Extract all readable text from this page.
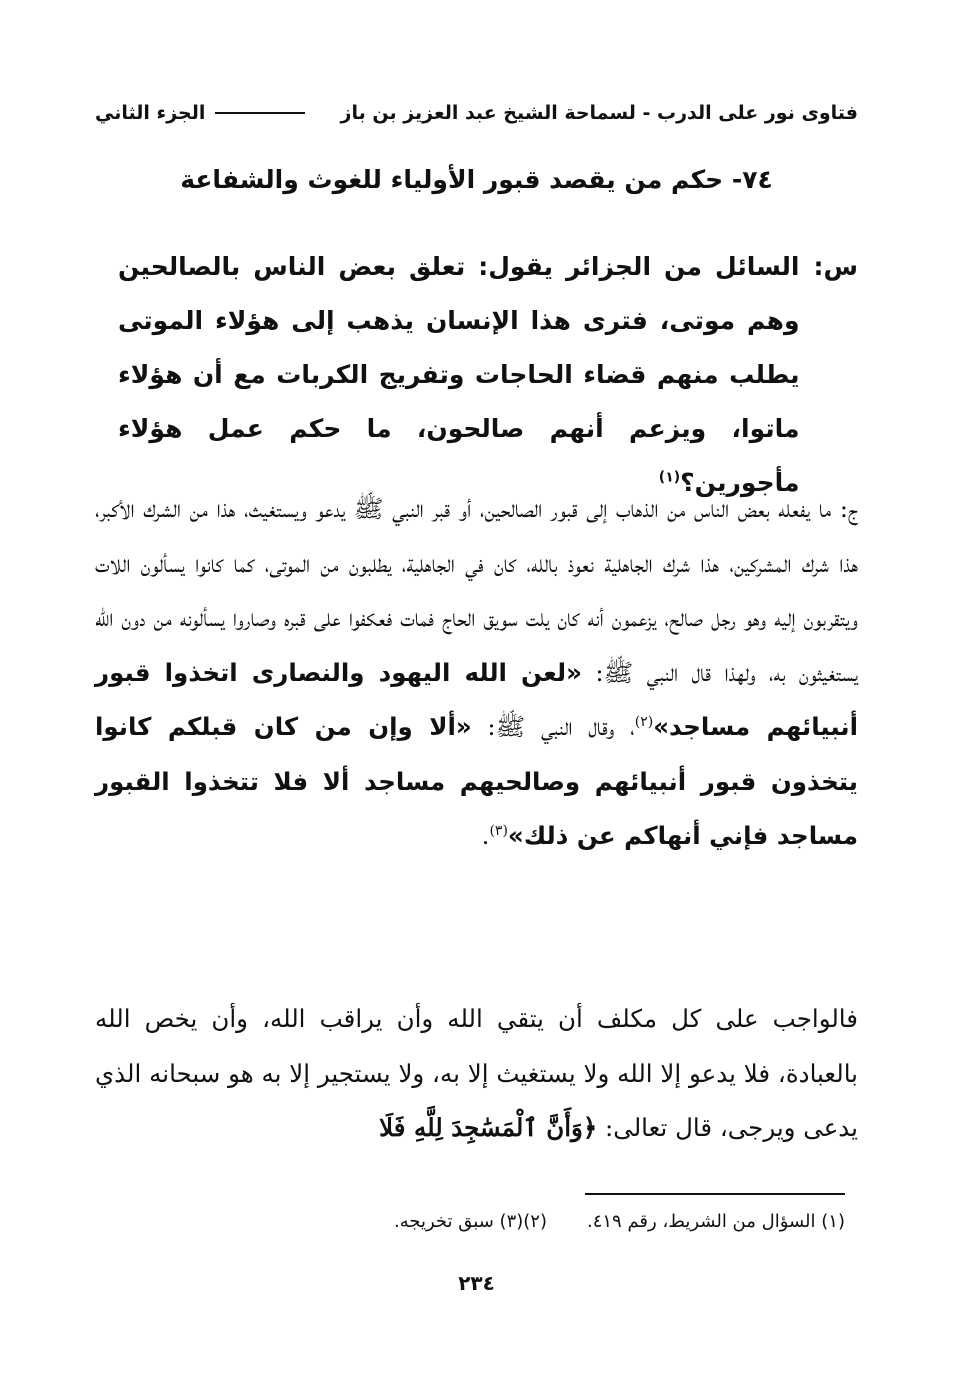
فتاوى نور على الدرب - لسماحة الشيخ عبد العزيز بن باز
الجزء الثاني
٧٤- حكم من يقصد قبور الأولياء للغوث والشفاعة
س:

السائل من الجزائر يقول: تعلق بعض الناس بالصالحين وهم موتى، فترى هذا الإنسان يذهب إلى هؤلاء الموتى يطلب منهم قضاء الحاجات وتفريج الكربات مع أن هؤلاء ماتوا، ويزعم أنهم صالحون، ما حكم عمل هؤلاء مأجورين؟$^{(١)}$

ج: ما يفعله بعض الناس من الذهاب إلى قبور الصالحين، أو قبر النبي ﷺ يدعو ويستغيث، هذا من الشرك الأكبر، هذا شرك المشركين، هذا شرك الجاهلية نعوذ بالله، كان في الجاهلية، يطلبون من الموتى، كما كانوا يسألون اللات ويتقربون إليه وهو رجل صالح، يزعمون أنه كان يلت سويق الحاج فمات فعكفوا على قبره وصاروا يسألونه من دون الله يستغيثون به، ولهذا قال النبي ﷺ: «لعن الله اليهود والنصارى اتخذوا قبور أنبيائهم مساجد»$^{(٢)}$، وقال النبي ﷺ: «ألا وإن من كان قبلكم كانوا يتخذون قبور أنبيائهم وصالحيهم مساجد ألا فلا تتخذوا القبور مساجد فإني أنهاكم عن ذلك»$^{(٣)}$.

فالواجب على كل مكلف أن يتقي الله وأن يراقب الله، وأن يخص الله بالعبادة، فلا يدعو إلا الله ولا يستغيث إلا به، ولا يستجير إلا به هو سبحانه الذي يدعى ويرجى، قال تعالى: ﴿وَأَنَّ ٱلْمَسَٰجِدَ لِلَّهِ فَلَا

(١) السؤال من الشريط، رقم ٤١٩.
(٢)(٣) سبق تخريجه.
٢٣٤
